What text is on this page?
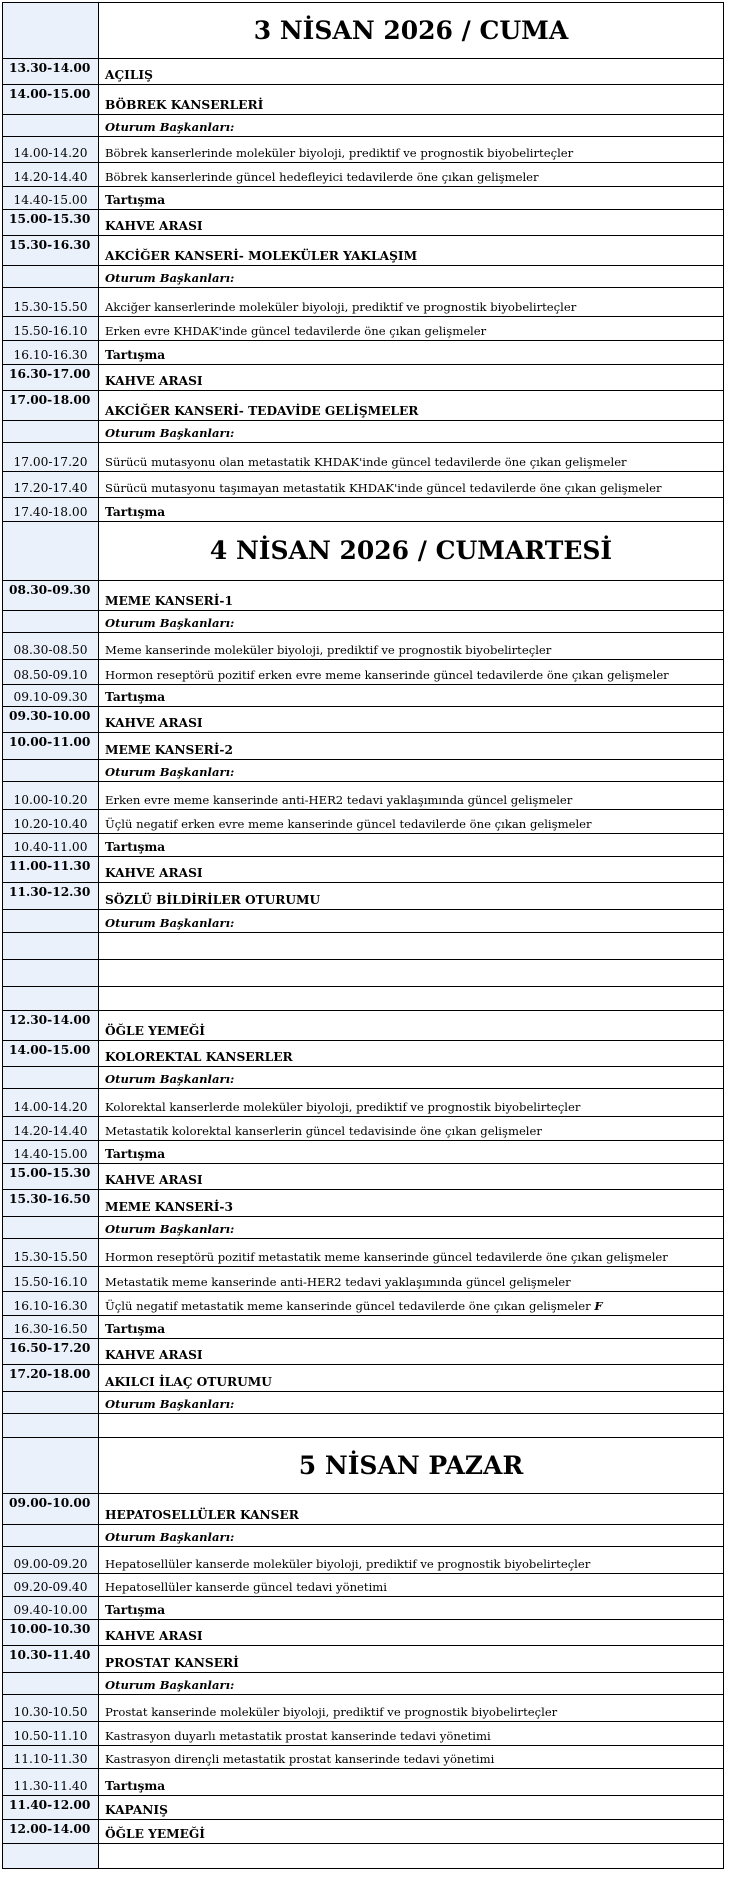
	3 NİSAN 2026 / CUMA
13.30-14.00	AÇILIŞ
14.00-15.00	BÖBREK KANSERLERİ
	Oturum Başkanları:
14.00-14.20	Böbrek kanserlerinde moleküler biyoloji, prediktif ve prognostik biyobelirteçler
14.20-14.40	Böbrek kanserlerinde güncel hedefleyici tedavilerde öne çıkan gelişmeler
14.40-15.00	Tartışma
15.00-15.30	KAHVE ARASI
15.30-16.30	AKCİĞER KANSERİ- MOLEKÜLER YAKLAŞIM
	Oturum Başkanları:
15.30-15.50	Akciğer kanserlerinde moleküler biyoloji, prediktif ve prognostik biyobelirteçler
15.50-16.10	Erken evre KHDAK'inde güncel tedavilerde öne çıkan gelişmeler
16.10-16.30	Tartışma
16.30-17.00	KAHVE ARASI
17.00-18.00	AKCİĞER KANSERİ- TEDAVİDE GELİŞMELER
	Oturum Başkanları:
17.00-17.20	Sürücü mutasyonu olan metastatik KHDAK'inde güncel tedavilerde öne çıkan gelişmeler
17.20-17.40	Sürücü mutasyonu taşımayan metastatik KHDAK'inde güncel tedavilerde öne çıkan gelişmeler
17.40-18.00	Tartışma
	4 NİSAN 2026 / CUMARTESİ
08.30-09.30	MEME KANSERİ-1
	Oturum Başkanları:
08.30-08.50	Meme kanserinde moleküler biyoloji, prediktif ve prognostik biyobelirteçler
08.50-09.10	Hormon reseptörü pozitif erken evre meme kanserinde güncel tedavilerde öne çıkan gelişmeler
09.10-09.30	Tartışma
09.30-10.00	KAHVE ARASI
10.00-11.00	MEME KANSERİ-2
	Oturum Başkanları:
10.00-10.20	Erken evre meme kanserinde anti-HER2 tedavi yaklaşımında güncel gelişmeler
10.20-10.40	Üçlü negatif erken evre meme kanserinde güncel tedavilerde öne çıkan gelişmeler
10.40-11.00	Tartışma
11.00-11.30	KAHVE ARASI
11.30-12.30	SÖZLÜ BİLDİRİLER OTURUMU
	Oturum Başkanları:

12.30-14.00	ÖĞLE YEMEĞİ
14.00-15.00	KOLOREKTAL KANSERLER
	Oturum Başkanları:
14.00-14.20	Kolorektal kanserlerde moleküler biyoloji, prediktif ve prognostik biyobelirteçler
14.20-14.40	Metastatik kolorektal kanserlerin güncel tedavisinde öne çıkan gelişmeler
14.40-15.00	Tartışma
15.00-15.30	KAHVE ARASI
15.30-16.50	MEME KANSERİ-3
	Oturum Başkanları:
15.30-15.50	Hormon reseptörü pozitif metastatik meme kanserinde güncel tedavilerde öne çıkan gelişmeler
15.50-16.10	Metastatik meme kanserinde anti-HER2 tedavi yaklaşımında güncel gelişmeler
16.10-16.30	Üçlü negatif metastatik meme kanserinde güncel tedavilerde öne çıkan gelişmeler F
16.30-16.50	Tartışma
16.50-17.20	KAHVE ARASI
17.20-18.00	AKILCI İLAÇ OTURUMU
	Oturum Başkanları:

	5 NİSAN PAZAR
09.00-10.00	HEPATOSELLÜLER KANSER
	Oturum Başkanları:
09.00-09.20	Hepatosellüler kanserde moleküler biyoloji, prediktif ve prognostik biyobelirteçler
09.20-09.40	Hepatosellüler kanserde güncel tedavi yönetimi
09.40-10.00	Tartışma
10.00-10.30	KAHVE ARASI
10.30-11.40	PROSTAT KANSERİ
	Oturum Başkanları:
10.30-10.50	Prostat kanserinde moleküler biyoloji, prediktif ve prognostik biyobelirteçler
10.50-11.10	Kastrasyon duyarlı metastatik prostat kanserinde tedavi yönetimi
11.10-11.30	Kastrasyon dirençli metastatik prostat kanserinde tedavi yönetimi
11.30-11.40	Tartışma
11.40-12.00	KAPANIŞ
12.00-14.00	ÖĞLE YEMEĞİ
